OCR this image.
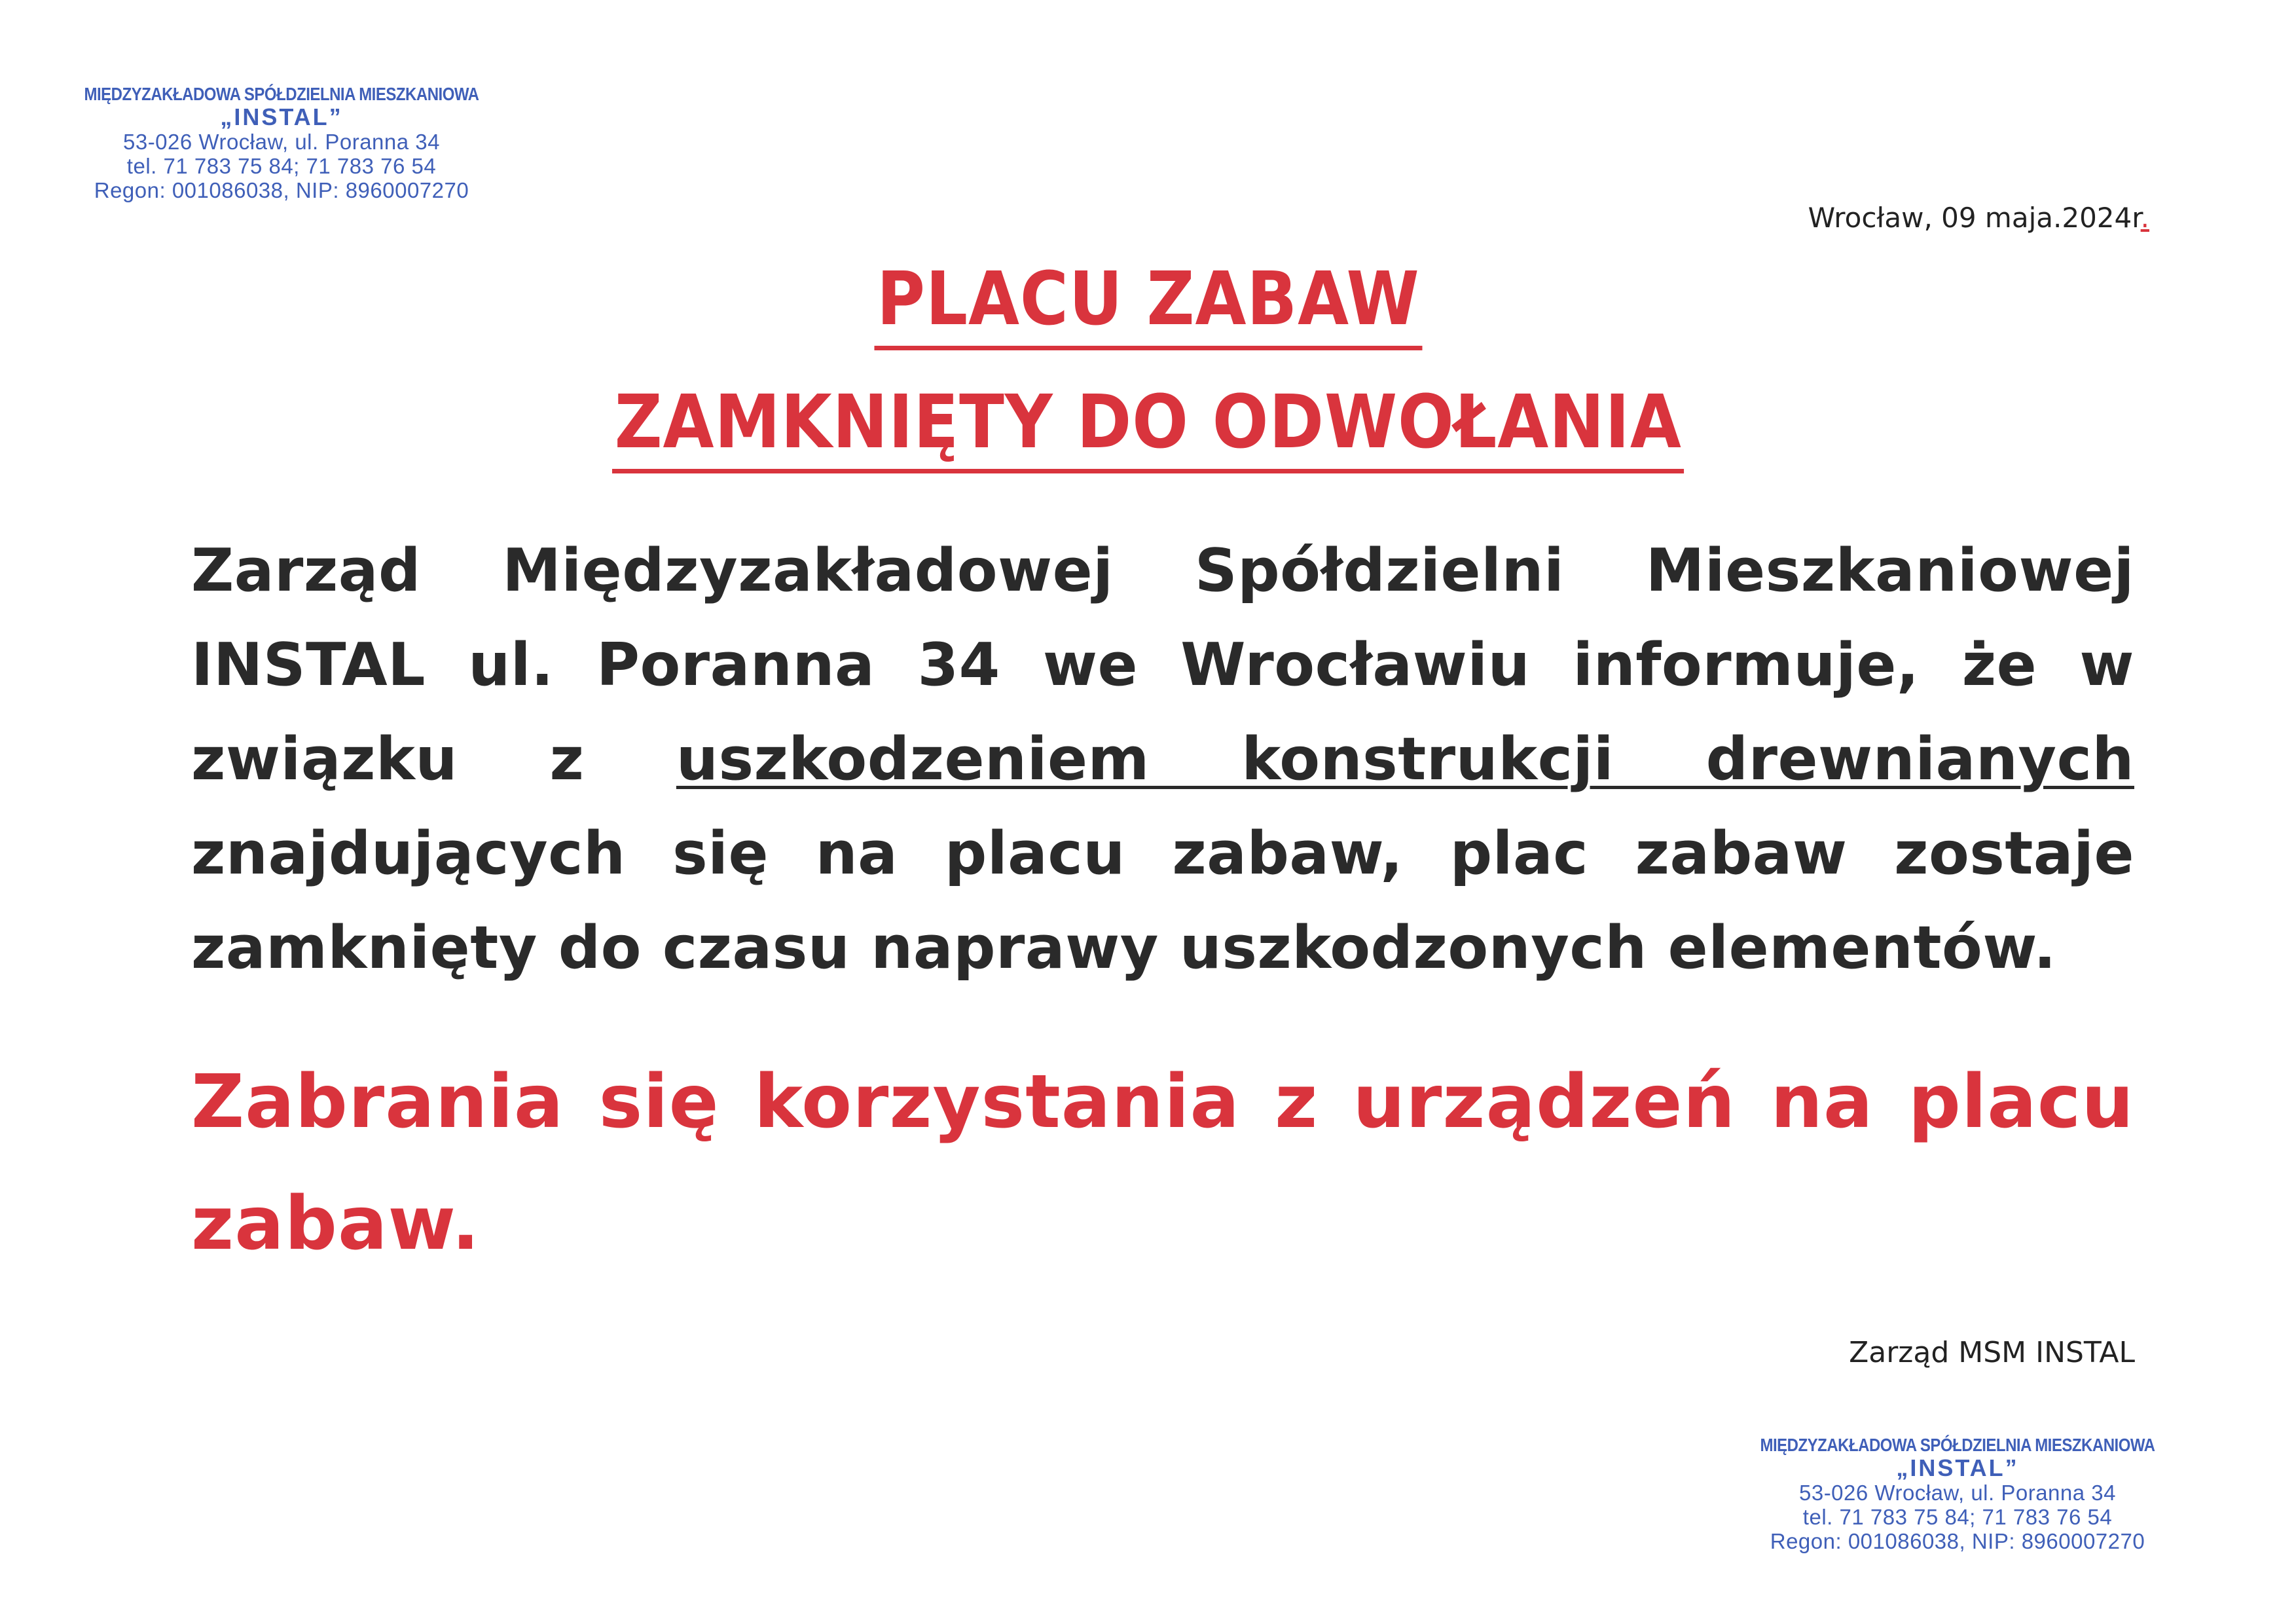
MIĘDZYZAKŁADOWA SPÓŁDZIELNIA MIESZKANIOWA
„INSTAL”
53-026 Wrocław, ul. Poranna 34
tel. 71 783 75 84; 71 783 76 54
Regon: 001086038, NIP: 8960007270
Wrocław, 09 maja.2024r.
PLACU ZABAW
ZAMKNIĘTY DO ODWOŁANIA
Zarząd Międzyzakładowej Spółdzielni Mieszkaniowej INSTAL ul. Poranna 34 we Wrocławiu informuje, że w związku z uszkodzeniem konstrukcji drewnianych znajdujących się na placu zabaw, plac zabaw zostaje zamknięty do czasu naprawy uszkodzonych elementów.
Zabrania się korzystania z urządzeń na placu zabaw.
Zarząd MSM INSTAL
MIĘDZYZAKŁADOWA SPÓŁDZIELNIA MIESZKANIOWA
„INSTAL”
53-026 Wrocław, ul. Poranna 34
tel. 71 783 75 84; 71 783 76 54
Regon: 001086038, NIP: 8960007270
